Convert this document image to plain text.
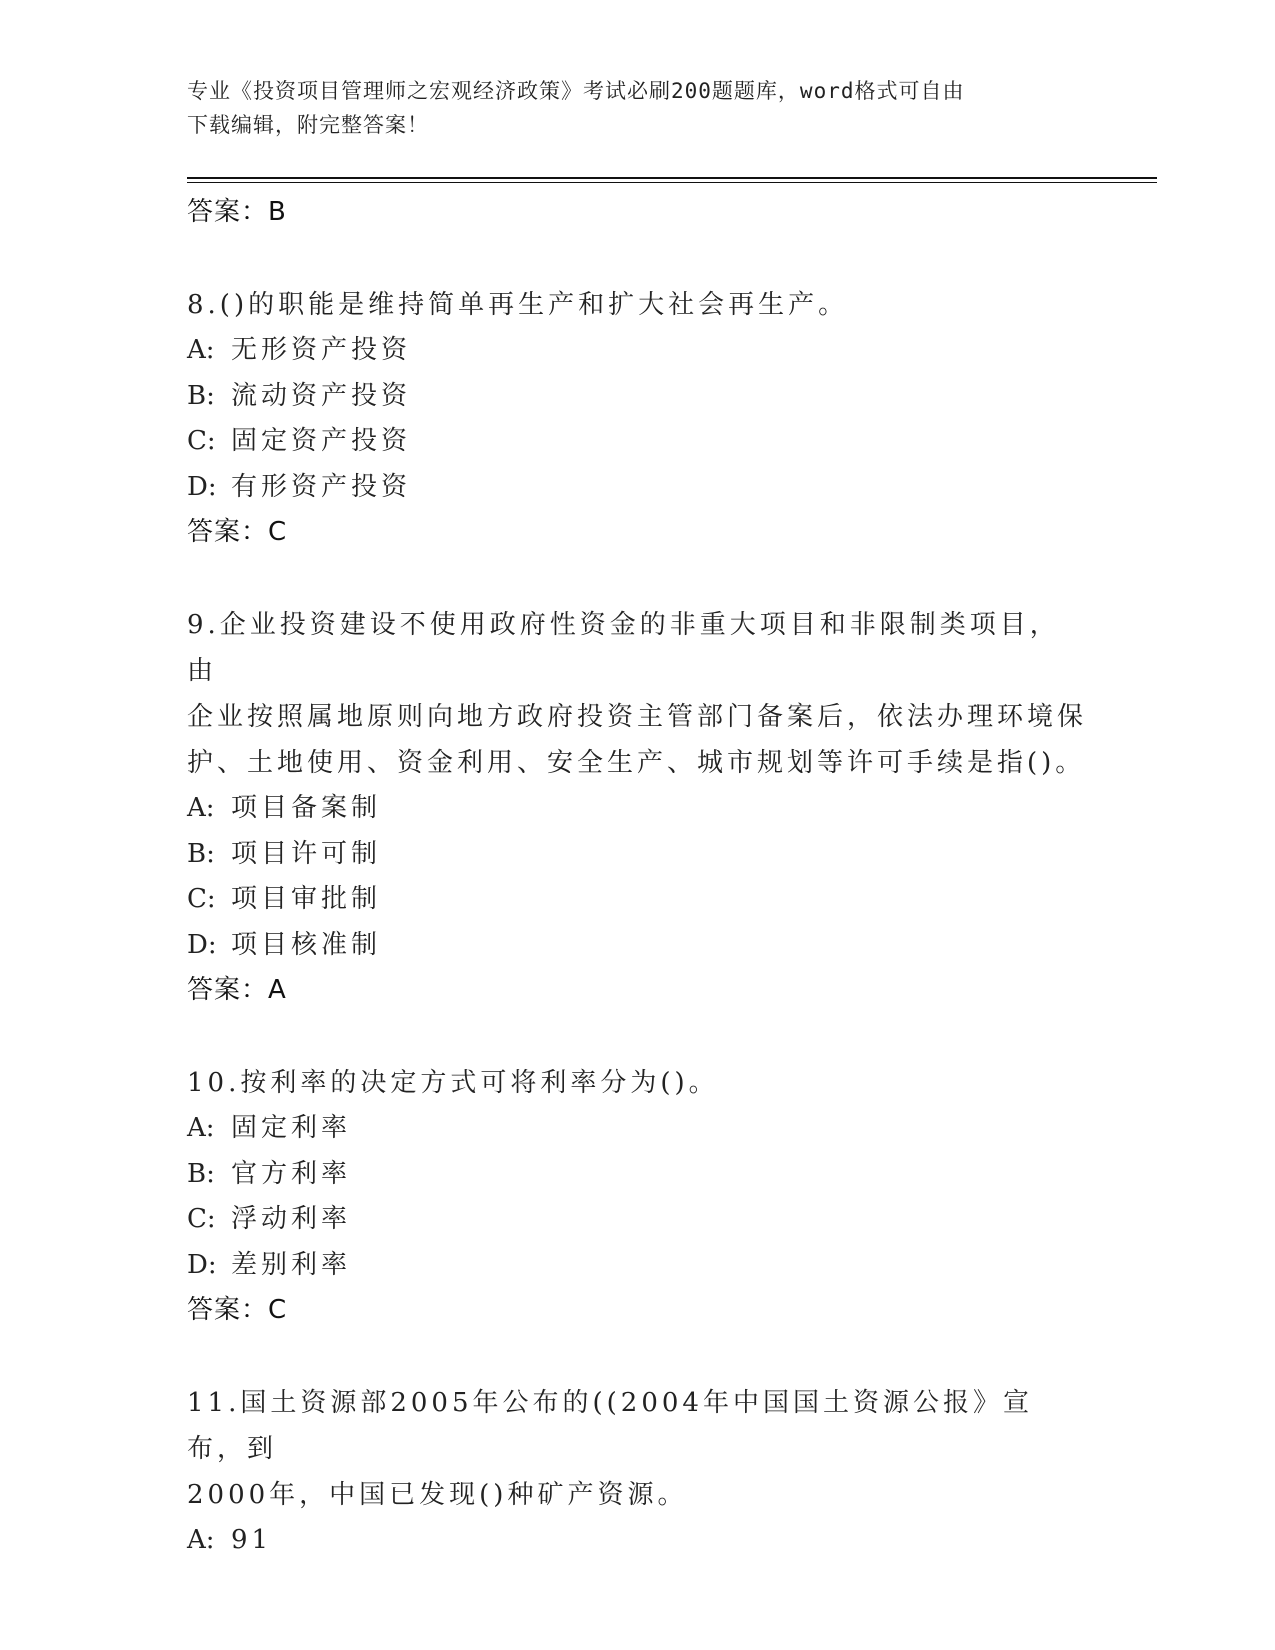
专业《投资项目管理师之宏观经济政策》考试必刷200题题库，word格式可自由
下载编辑，附完整答案！
答案：B
8.()的职能是维持简单再生产和扩大社会再生产。
A: 无形资产投资
B: 流动资产投资
C: 固定资产投资
D: 有形资产投资
答案：C
9.企业投资建设不使用政府性资金的非重大项目和非限制类项目，由
企业按照属地原则向地方政府投资主管部门备案后，依法办理环境保
护、土地使用、资金利用、安全生产、城市规划等许可手续是指()。
A: 项目备案制
B: 项目许可制
C: 项目审批制
D: 项目核准制
答案：A
10.按利率的决定方式可将利率分为()。
A: 固定利率
B: 官方利率
C: 浮动利率
D: 差别利率
答案：C
11.国土资源部2005年公布的((2004年中国国土资源公报》宣布，到
2000年，中国已发现()种矿产资源。
A: 91
